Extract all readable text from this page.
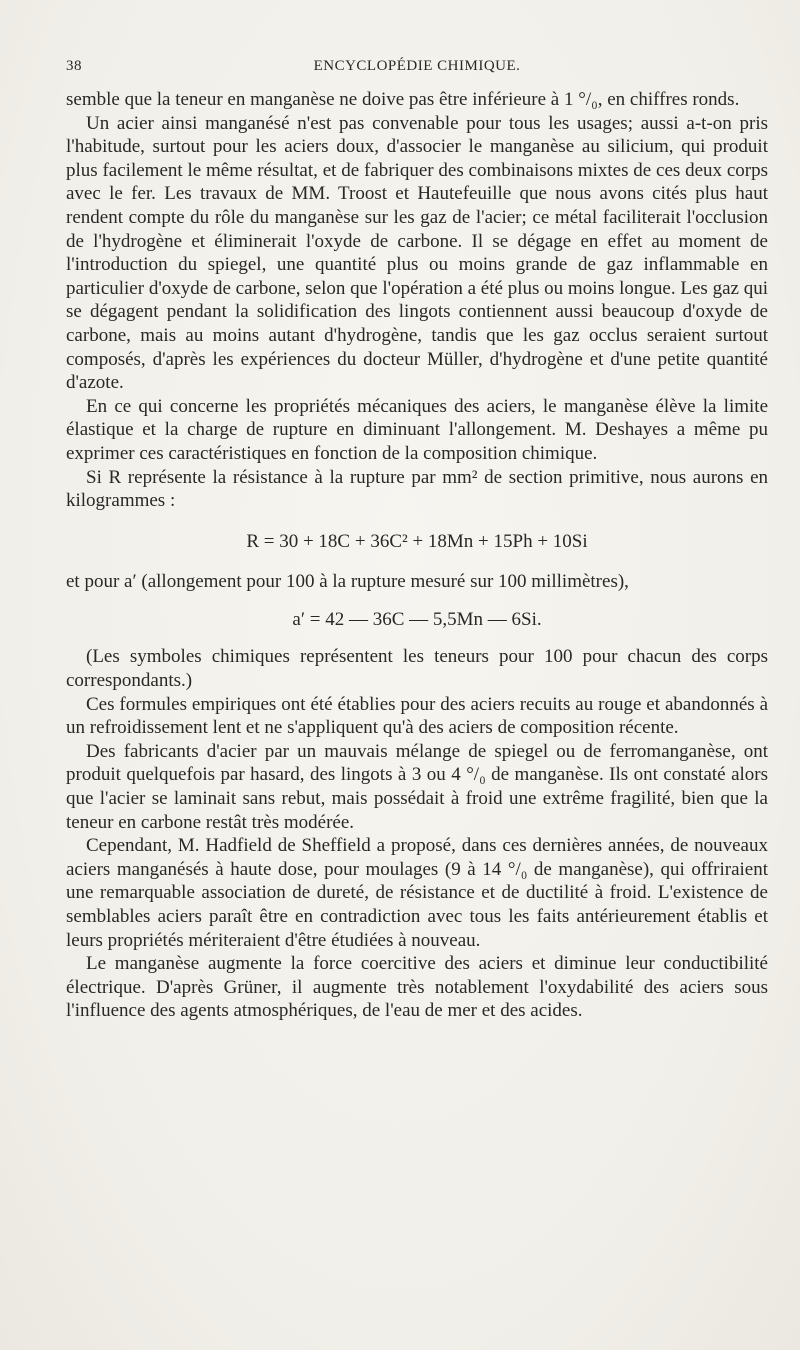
38	ENCYCLOPÉDIE CHIMIQUE.

semble que la teneur en manganèse ne doive pas être inférieure à 1 °/₀, en chiffres ronds.

Un acier ainsi manganésé n'est pas convenable pour tous les usages; aussi a-t-on pris l'habitude, surtout pour les aciers doux, d'associer le manganèse au silicium, qui produit plus facilement le même résultat, et de fabriquer des combinaisons mixtes de ces deux corps avec le fer. Les travaux de MM. Troost et Hautefeuille que nous avons cités plus haut rendent compte du rôle du manganèse sur les gaz de l'acier; ce métal faciliterait l'occlusion de l'hydrogène et éliminerait l'oxyde de carbone. Il se dégage en effet au moment de l'introduction du spiegel, une quantité plus ou moins grande de gaz inflammable en particulier d'oxyde de carbone, selon que l'opération a été plus ou moins longue. Les gaz qui se dégagent pendant la solidification des lingots contiennent aussi beaucoup d'oxyde de carbone, mais au moins autant d'hydrogène, tandis que les gaz occlus seraient surtout composés, d'après les expériences du docteur Müller, d'hydrogène et d'une petite quantité d'azote.

En ce qui concerne les propriétés mécaniques des aciers, le manganèse élève la limite élastique et la charge de rupture en diminuant l'allongement. M. Deshayes a même pu exprimer ces caractéristiques en fonction de la composition chimique.

Si R représente la résistance à la rupture par mm² de section primitive, nous aurons en kilogrammes :

R = 30 + 18C + 36C² + 18Mn + 15Ph + 10Si

et pour a′ (allongement pour 100 à la rupture mesuré sur 100 millimètres),

a′ = 42 — 36C — 5,5Mn — 6Si.

(Les symboles chimiques représentent les teneurs pour 100 pour chacun des corps correspondants.)

Ces formules empiriques ont été établies pour des aciers recuits au rouge et abandonnés à un refroidissement lent et ne s'appliquent qu'à des aciers de composition récente.

Des fabricants d'acier par un mauvais mélange de spiegel ou de ferromanganèse, ont produit quelquefois par hasard, des lingots à 3 ou 4 °/₀ de manganèse. Ils ont constaté alors que l'acier se laminait sans rebut, mais possédait à froid une extrême fragilité, bien que la teneur en carbone restât très modérée.

Cependant, M. Hadfield de Sheffield a proposé, dans ces dernières années, de nouveaux aciers manganésés à haute dose, pour moulages (9 à 14 °/₀ de manganèse), qui offriraient une remarquable association de dureté, de résistance et de ductilité à froid. L'existence de semblables aciers paraît être en contradiction avec tous les faits antérieurement établis et leurs propriétés mériteraient d'être étudiées à nouveau.

Le manganèse augmente la force coercitive des aciers et diminue leur conductibilité électrique. D'après Grüner, il augmente très notablement l'oxydabilité des aciers sous l'influence des agents atmosphériques, de l'eau de mer et des acides.
